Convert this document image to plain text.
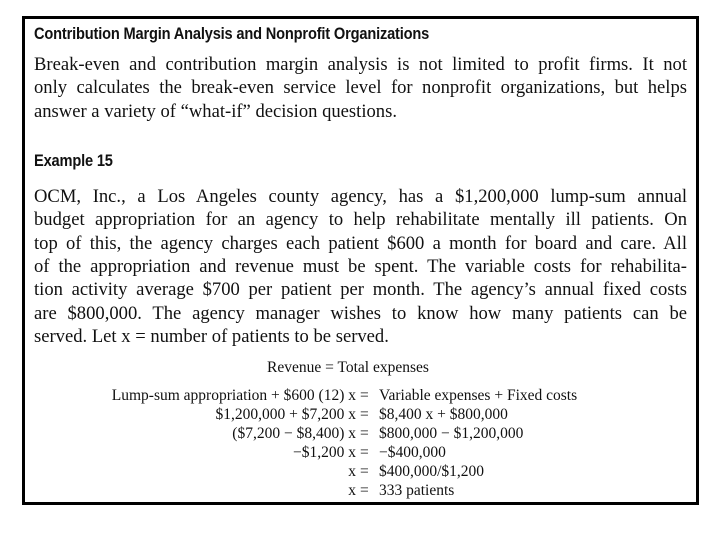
Contribution Margin Analysis and Nonprofit Organizations
Break-even and contribution margin analysis is not limited to profit firms. It not
only calculates the break-even service level for nonprofit organizations, but helps
answer a variety of “what-if” decision questions.
Example 15
OCM, Inc., a Los Angeles county agency, has a $1,200,000 lump-sum annual
budget appropriation for an agency to help rehabilitate mentally ill patients. On
top of this, the agency charges each patient $600 a month for board and care. All
of the appropriation and revenue must be spent. The variable costs for rehabilita-
tion activity average $700 per patient per month. The agency’s annual fixed costs
are $800,000. The agency manager wishes to know how many patients can be
served. Let x = number of patients to be served.
Revenue = Total expenses
Lump-sum appropriation + $600 (12) x = Variable expenses + Fixed costs
$1,200,000 + $7,200 x = $8,400 x + $800,000
($7,200 − $8,400) x = $800,000 − $1,200,000
−$1,200 x = −$400,000
x = $400,000/$1,200
x = 333 patients
